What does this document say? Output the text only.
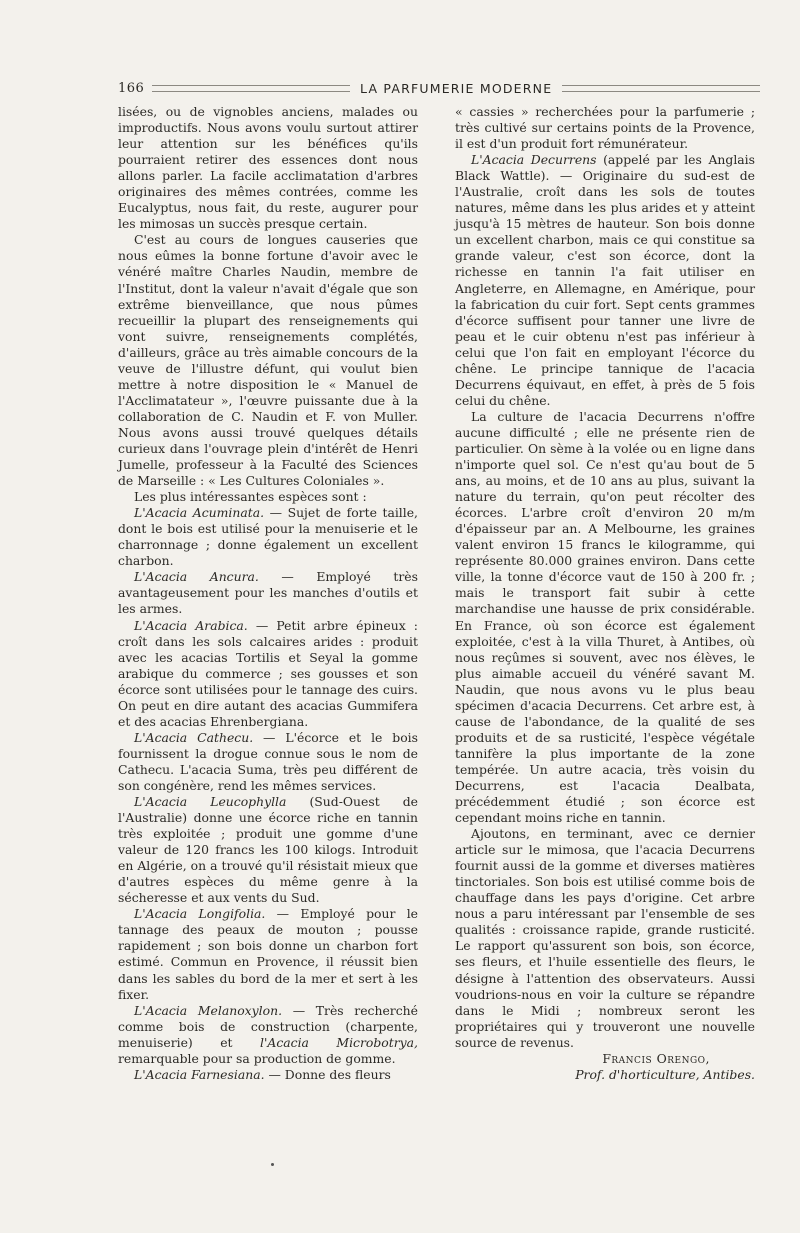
166	LA PARFUMERIE MODERNE

lisées, ou de vignobles anciens, malades ou improductifs. Nous avons voulu surtout attirer leur attention sur les bénéfices qu'ils pourraient retirer des essences dont nous allons parler. La facile acclimatation d'arbres originaires des mêmes contrées, comme les Eucalyptus, nous fait, du reste, augurer pour les mimosas un succès presque certain.

C'est au cours de longues causeries que nous eûmes la bonne fortune d'avoir avec le vénéré maître Charles Naudin, membre de l'Institut, dont la valeur n'avait d'égale que son extrême bienveillance, que nous pûmes recueillir la plupart des renseignements qui vont suivre, renseignements complétés, d'ailleurs, grâce au très aimable concours de la veuve de l'illustre défunt, qui voulut bien mettre à notre disposition le « Manuel de l'Acclimatateur », l'œuvre puissante due à la collaboration de C. Naudin et F. von Muller. Nous avons aussi trouvé quelques détails curieux dans l'ouvrage plein d'intérêt de Henri Jumelle, professeur à la Faculté des Sciences de Marseille : « Les Cultures Coloniales ».

Les plus intéressantes espèces sont :

L'Acacia Acuminata. — Sujet de forte taille, dont le bois est utilisé pour la menuiserie et le charronnage ; donne également un excellent charbon.

L'Acacia Ancura. — Employé très avantageusement pour les manches d'outils et les armes.

L'Acacia Arabica. — Petit arbre épineux : croît dans les sols calcaires arides : produit avec les acacias Tortilis et Seyal la gomme arabique du commerce ; ses gousses et son écorce sont utilisées pour le tannage des cuirs. On peut en dire autant des acacias Gummifera et des acacias Ehrenbergiana.

L'Acacia Cathecu. — L'écorce et le bois fournissent la drogue connue sous le nom de Cathecu. L'acacia Suma, très peu différent de son congénère, rend les mêmes services.

L'Acacia Leucophylla (Sud-Ouest de l'Australie) donne une écorce riche en tannin très exploitée ; produit une gomme d'une valeur de 120 francs les 100 kilogs. Introduit en Algérie, on a trouvé qu'il résistait mieux que d'autres espèces du même genre à la sécheresse et aux vents du Sud.

L'Acacia Longifolia. — Employé pour le tannage des peaux de mouton ; pousse rapidement ; son bois donne un charbon fort estimé. Commun en Provence, il réussit bien dans les sables du bord de la mer et sert à les fixer.

L'Acacia Melanoxylon. — Très recherché comme bois de construction (charpente, menuiserie) et l'Acacia Microbotrya, remarquable pour sa production de gomme.

L'Acacia Farnesiana. — Donne des fleurs

« cassies » recherchées pour la parfumerie ; très cultivé sur certains points de la Provence, il est d'un produit fort rémunérateur.

L'Acacia Decurrens (appelé par les Anglais Black Wattle). — Originaire du sud-est de l'Australie, croît dans les sols de toutes natures, même dans les plus arides et y atteint jusqu'à 15 mètres de hauteur. Son bois donne un excellent charbon, mais ce qui constitue sa grande valeur, c'est son écorce, dont la richesse en tannin l'a fait utiliser en Angleterre, en Allemagne, en Amérique, pour la fabrication du cuir fort. Sept cents grammes d'écorce suffisent pour tanner une livre de peau et le cuir obtenu n'est pas inférieur à celui que l'on fait en employant l'écorce du chêne. Le principe tannique de l'acacia Decurrens équivaut, en effet, à près de 5 fois celui du chêne.

La culture de l'acacia Decurrens n'offre aucune difficulté ; elle ne présente rien de particulier. On sème à la volée ou en ligne dans n'importe quel sol. Ce n'est qu'au bout de 5 ans, au moins, et de 10 ans au plus, suivant la nature du terrain, qu'on peut récolter des écorces. L'arbre croît d'environ 20 m/m d'épaisseur par an. A Melbourne, les graines valent environ 15 francs le kilogramme, qui représente 80.000 graines environ. Dans cette ville, la tonne d'écorce vaut de 150 à 200 fr. ; mais le transport fait subir à cette marchandise une hausse de prix considérable. En France, où son écorce est également exploitée, c'est à la villa Thuret, à Antibes, où nous reçûmes si souvent, avec nos élèves, le plus aimable accueil du vénéré savant M. Naudin, que nous avons vu le plus beau spécimen d'acacia Decurrens. Cet arbre est, à cause de l'abondance, de la qualité de ses produits et de sa rusticité, l'espèce végétale tannifère la plus importante de la zone tempérée. Un autre acacia, très voisin du Decurrens, est l'acacia Dealbata, précédemment étudié ; son écorce est cependant moins riche en tannin.

Ajoutons, en terminant, avec ce dernier article sur le mimosa, que l'acacia Decurrens fournit aussi de la gomme et diverses matières tinctoriales. Son bois est utilisé comme bois de chauffage dans les pays d'origine. Cet arbre nous a paru intéressant par l'ensemble de ses qualités : croissance rapide, grande rusticité. Le rapport qu'assurent son bois, son écorce, ses fleurs, et l'huile essentielle des fleurs, le désigne à l'attention des observateurs. Aussi voudrions-nous en voir la culture se répandre dans le Midi ; nombreux seront les propriétaires qui y trouveront une nouvelle source de revenus.

Francis Orengo,
Prof. d'horticulture, Antibes.
